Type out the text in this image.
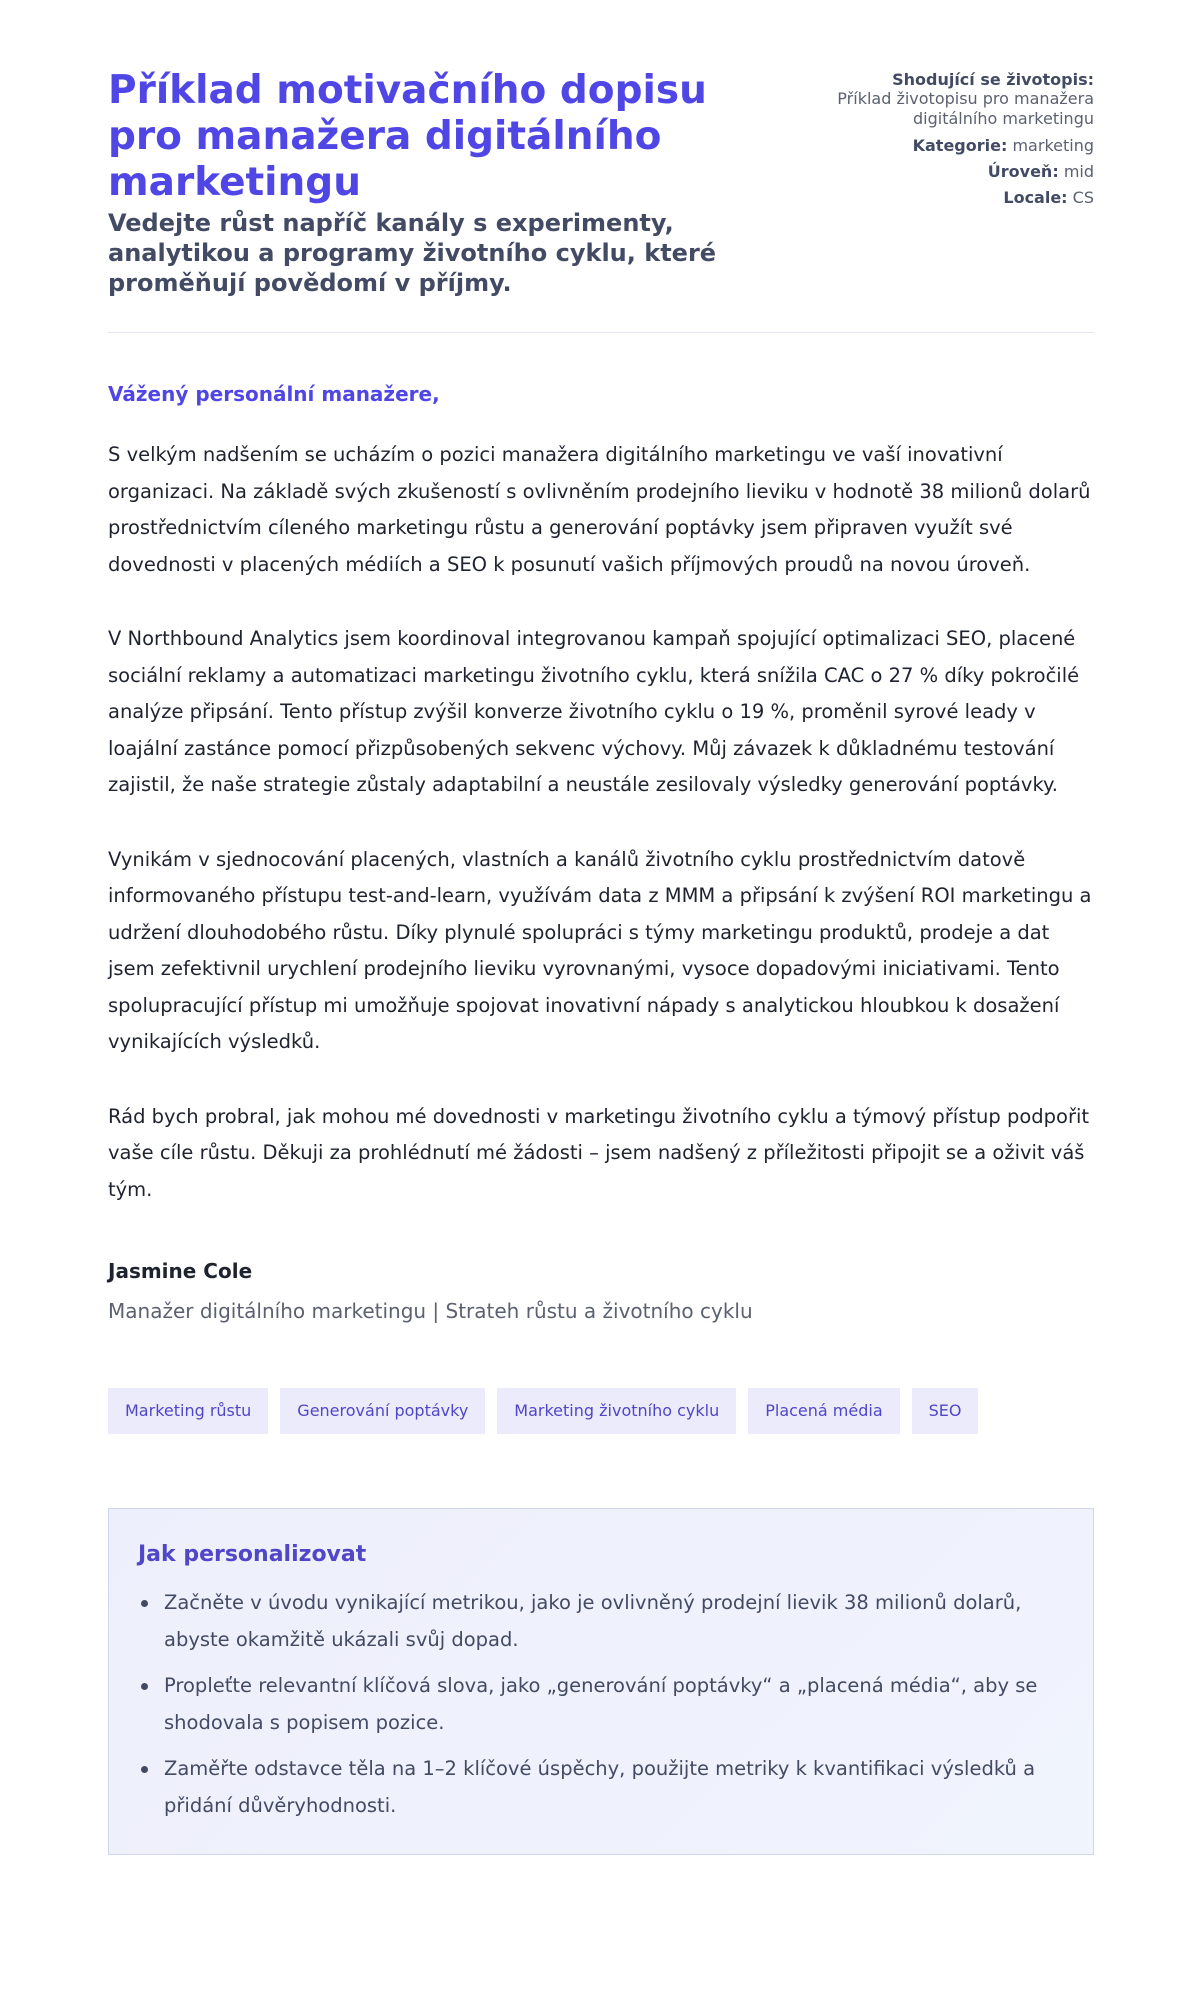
Příklad motivačního dopisu pro manažera digitálního marketingu
Vedejte růst napříč kanály s experimenty, analytikou a programy životního cyklu, které proměňují povědomí v příjmy.
Shodující se životopis:
Příklad životopisu pro manažera digitálního marketingu
Kategorie: marketing
Úroveň: mid
Locale: CS
Vážený personální manažere,

S velkým nadšením se ucházím o pozici manažera digitálního marketingu ve vaší inovativní organizaci. Na základě svých zkušeností s ovlivněním prodejního lieviku v hodnotě 38 milionů dolarů prostřednictvím cíleného marketingu růstu a generování poptávky jsem připraven využít své dovednosti v placených médiích a SEO k posunutí vašich příjmových proudů na novou úroveň.

V Northbound Analytics jsem koordinoval integrovanou kampaň spojující optimalizaci SEO, placené sociální reklamy a automatizaci marketingu životního cyklu, která snížila CAC o 27 % díky pokročilé analýze připsání. Tento přístup zvýšil konverze životního cyklu o 19 %, proměnil syrové leady v loajální zastánce pomocí přizpůsobených sekvenc výchovy. Můj závazek k důkladnému testování zajistil, že naše strategie zůstaly adaptabilní a neustále zesilovaly výsledky generování poptávky.

Vynikám v sjednocování placených, vlastních a kanálů životního cyklu prostřednictvím datově informovaného přístupu test-and-learn, využívám data z MMM a připsání k zvýšení ROI marketingu a udržení dlouhodobého růstu. Díky plynulé spolupráci s týmy marketingu produktů, prodeje a dat jsem zefektivnil urychlení prodejního lieviku vyrovnanými, vysoce dopadovými iniciativami. Tento spolupracující přístup mi umožňuje spojovat inovativní nápady s analytickou hloubkou k dosažení vynikajících výsledků.

Rád bych probral, jak mohou mé dovednosti v marketingu životního cyklu a týmový přístup podpořit vaše cíle růstu. Děkuji za prohlédnutí mé žádosti – jsem nadšený z příležitosti připojit se a oživit váš tým.

Jasmine Cole
Manažer digitálního marketingu | Strateh růstu a životního cyklu
Marketing růstu	Generování poptávky	Marketing životního cyklu	Placená média	SEO
Jak personalizovat
Začněte v úvodu vynikající metrikou, jako je ovlivněný prodejní lievik 38 milionů dolarů, abyste okamžitě ukázali svůj dopad.
Propleťte relevantní klíčová slova, jako „generování poptávky“ a „placená média“, aby se shodovala s popisem pozice.
Zaměřte odstavce těla na 1–2 klíčové úspěchy, použijte metriky k kvantifikaci výsledků a přidání důvěryhodnosti.
